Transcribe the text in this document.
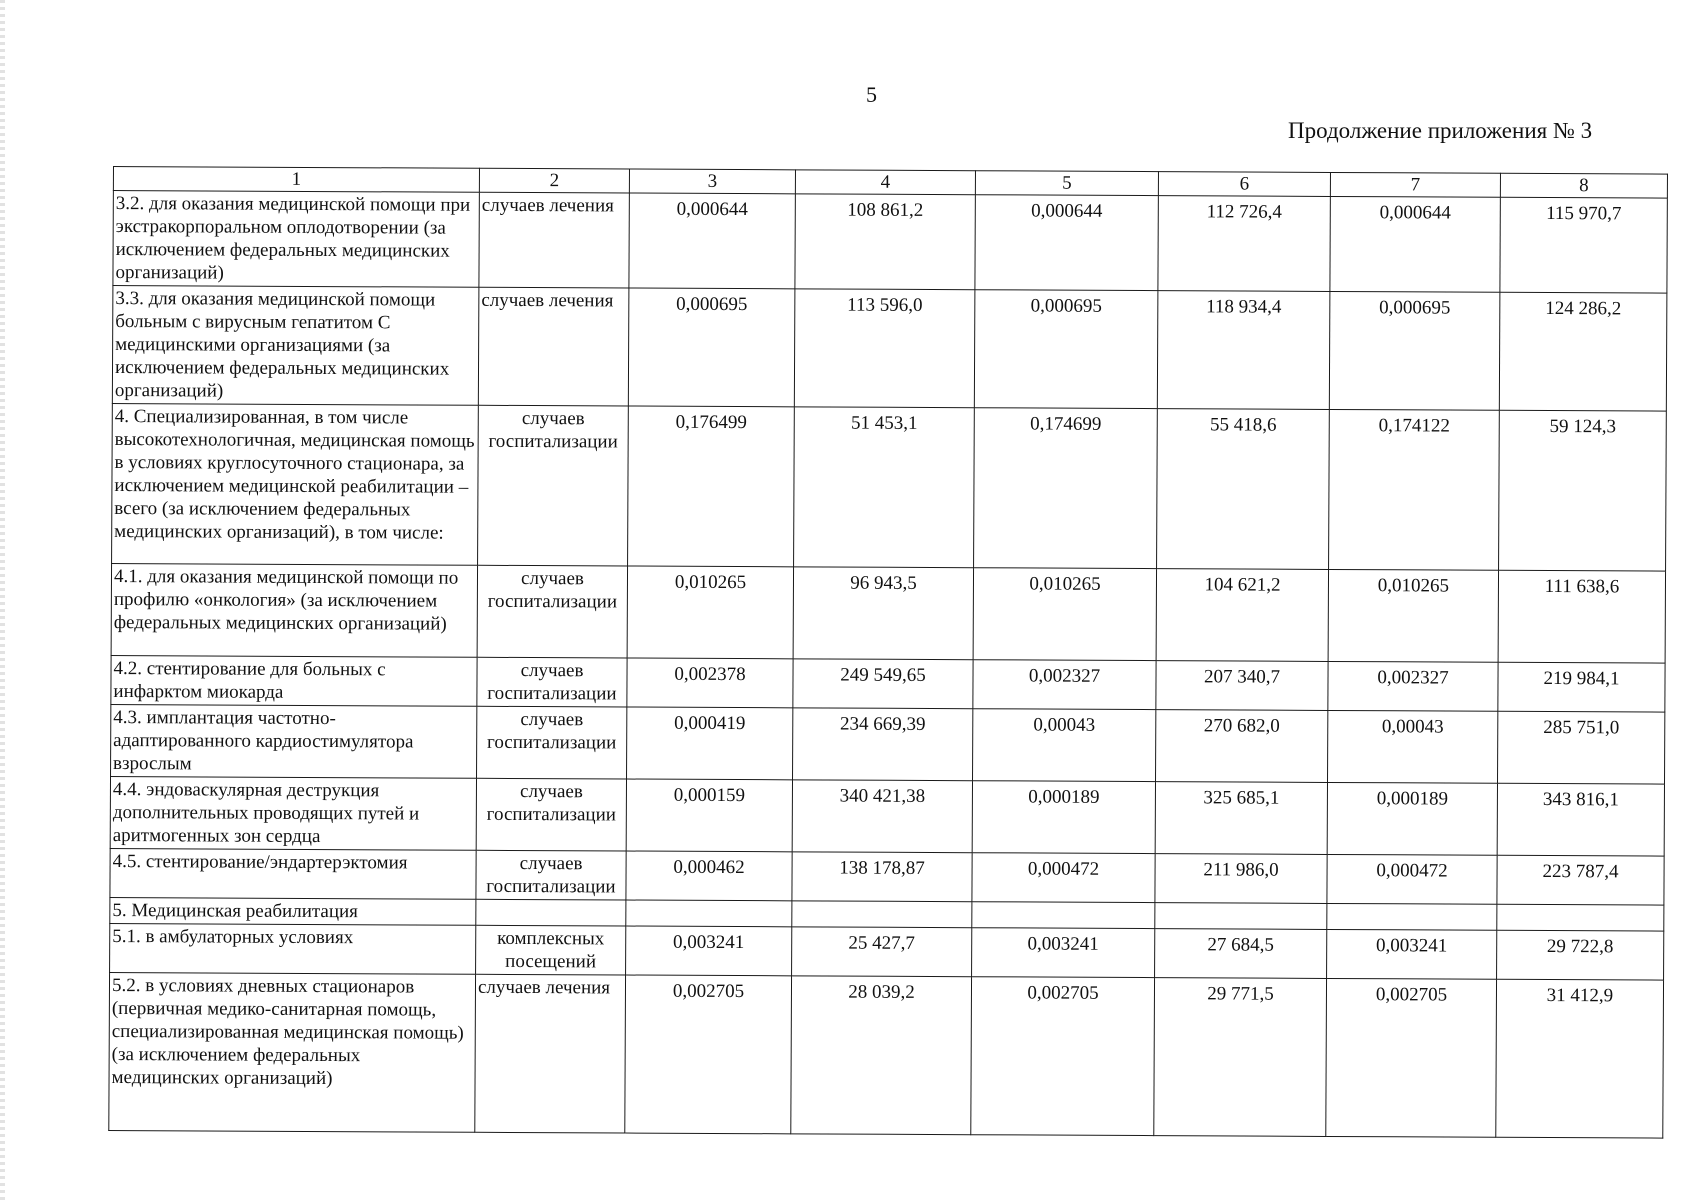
5
Продолжение приложения № 3
1	2	3	4	5	6	7	8
3.2. для оказания медицинской помощи при экстракорпоральном оплодотворении (за исключением федеральных медицинских организаций)	случаев лечения	0,000644	108 861,2	0,000644	112 726,4	0,000644	115 970,7
3.3. для оказания медицинской помощи больным с вирусным гепатитом С медицинскими организациями (за исключением федеральных медицинских организаций)	случаев лечения	0,000695	113 596,0	0,000695	118 934,4	0,000695	124 286,2
4. Специализированная, в том числе высокотехнологичная, медицинская помощь в условиях круглосуточного стационара, за исключением медицинской реабилитации – всего (за исключением федеральных медицинских организаций), в том числе:	случаев госпитализации	0,176499	51 453,1	0,174699	55 418,6	0,174122	59 124,3
4.1. для оказания медицинской помощи по профилю «онкология» (за исключением федеральных медицинских организаций)	случаев госпитализации	0,010265	96 943,5	0,010265	104 621,2	0,010265	111 638,6
4.2. стентирование для больных с инфарктом миокарда	случаев госпитализации	0,002378	249 549,65	0,002327	207 340,7	0,002327	219 984,1
4.3. имплантация частотно-адаптированного кардиостимулятора взрослым	случаев госпитализации	0,000419	234 669,39	0,00043	270 682,0	0,00043	285 751,0
4.4. эндоваскулярная деструкция дополнительных проводящих путей и аритмогенных зон сердца	случаев госпитализации	0,000159	340 421,38	0,000189	325 685,1	0,000189	343 816,1
4.5. стентирование/эндартерэктомия	случаев госпитализации	0,000462	138 178,87	0,000472	211 986,0	0,000472	223 787,4
5. Медицинская реабилитация							
5.1. в амбулаторных условиях	комплексных посещений	0,003241	25 427,7	0,003241	27 684,5	0,003241	29 722,8
5.2. в условиях дневных стационаров (первичная медико-санитарная помощь, специализированная медицинская помощь) (за исключением федеральных медицинских организаций)	случаев лечения	0,002705	28 039,2	0,002705	29 771,5	0,002705	31 412,9
